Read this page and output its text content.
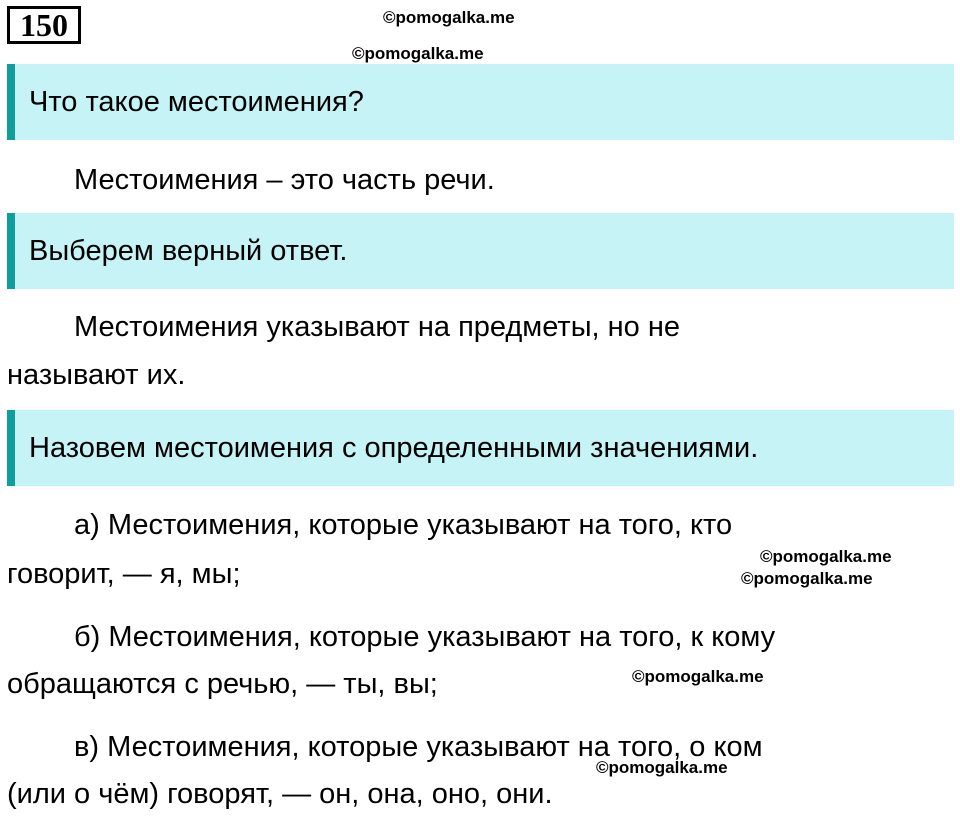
150	©pomogalka.me
©pomogalka.me
Что такое местоимения?
Местоимения – это часть речи.
Выберем верный ответ.
Местоимения указывают на предметы, но не
называют их.
Назовем местоимения с определенными значениями.
а) Местоимения, которые указывают на того, кто
говорит, — я, мы;
©pomogalka.me
©pomogalka.me
б) Местоимения, которые указывают на того, к кому
обращаются с речью, — ты, вы;	©pomogalka.me
в) Местоимения, которые указывают на того, о ком
(или о чём) говорят, — он, она, оно, они.
©pomogalka.me
